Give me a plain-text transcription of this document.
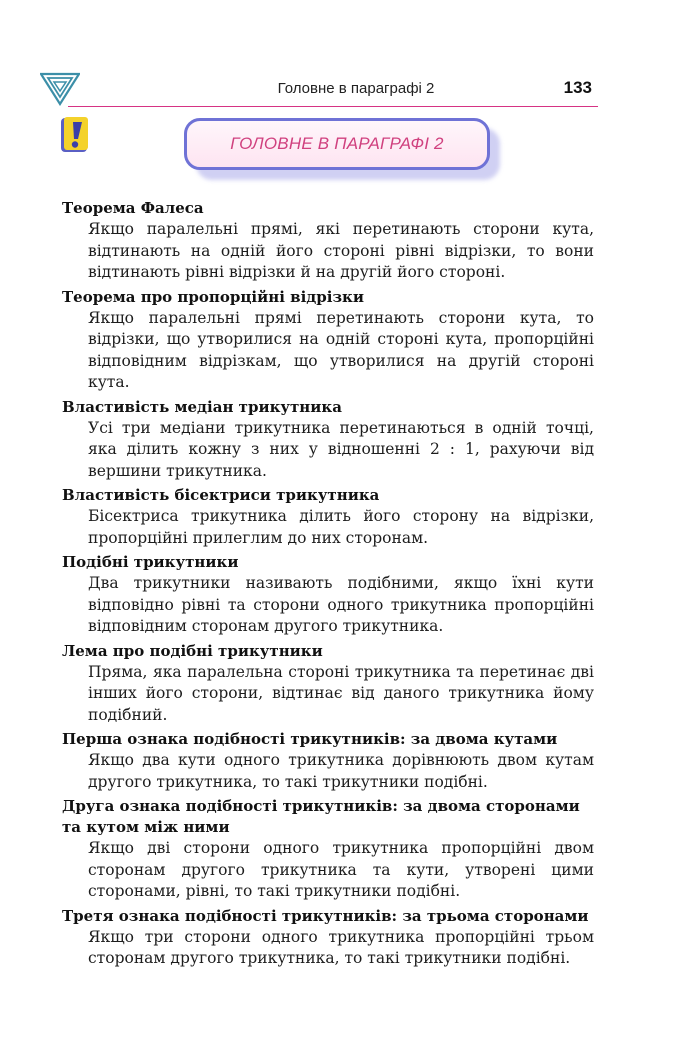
Головне в параграфі 2	133
ГОЛОВНЕ В ПАРАГРАФІ 2
Теорема Фалеса
Якщо паралельні прямі, які перетинають сторони кута, відтинають на одній його стороні рівні відрізки, то вони відтинають рівні відрізки й на другій його стороні.
Теорема про пропорційні відрізки
Якщо паралельні прямі перетинають сторони кута, то відрізки, що утворилися на одній стороні кута, пропорційні відповідним відрізкам, що утворилися на другій стороні кута.
Властивість медіан трикутника
Усі три медіани трикутника перетинаються в одній точці, яка ділить кожну з них у відношенні 2 : 1, рахуючи від вершини трикутника.
Властивість бісектриси трикутника
Бісектриса трикутника ділить його сторону на відрізки, пропорційні прилеглим до них сторонам.
Подібні трикутники
Два трикутники називають подібними, якщо їхні кути відповідно рівні та сторони одного трикутника пропорційні відповідним сторонам другого трикутника.
Лема про подібні трикутники
Пряма, яка паралельна стороні трикутника та перетинає дві інших його сторони, відтинає від даного трикутника йому подібний.
Перша ознака подібності трикутників: за двома кутами
Якщо два кути одного трикутника дорівнюють двом кутам другого трикутника, то такі трикутники подібні.
Друга ознака подібності трикутників: за двома сторонами та кутом між ними
Якщо дві сторони одного трикутника пропорційні двом сторонам другого трикутника та кути, утворені цими сторонами, рівні, то такі трикутники подібні.
Третя ознака подібності трикутників: за трьома сторонами
Якщо три сторони одного трикутника пропорційні трьом сторонам другого трикутника, то такі трикутники подібні.
